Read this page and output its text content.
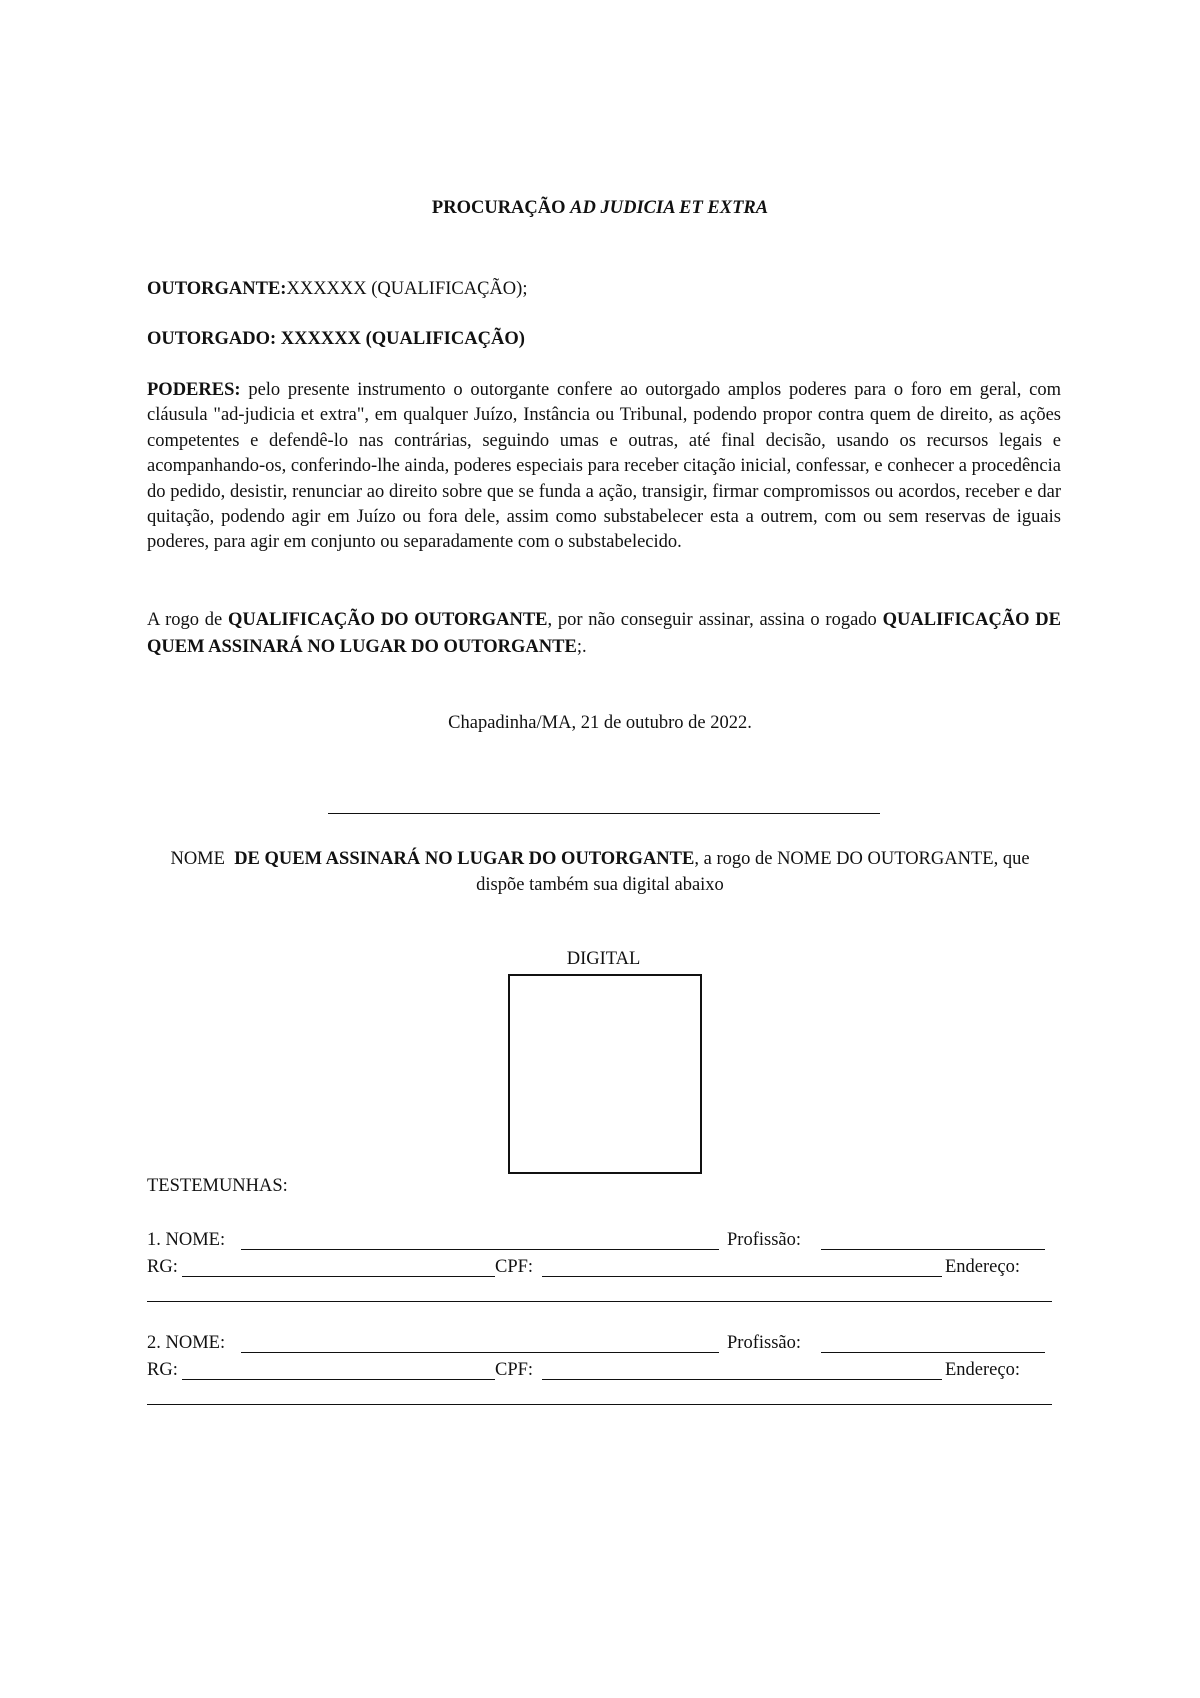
PROCURAÇÃO AD JUDICIA ET EXTRA
OUTORGANTE:XXXXXX (QUALIFICAÇÃO);
OUTORGADO: XXXXXX (QUALIFICAÇÃO)
PODERES: pelo presente instrumento o outorgante confere ao outorgado amplos poderes para o foro em geral, com cláusula "ad-judicia et extra", em qualquer Juízo, Instância ou Tribunal, podendo propor contra quem de direito, as ações competentes e defendê-lo nas contrárias, seguindo umas e outras, até final decisão, usando os recursos legais e acompanhando-os, conferindo-lhe ainda, poderes especiais para receber citação inicial, confessar, e conhecer a procedência do pedido, desistir, renunciar ao direito sobre que se funda a ação, transigir, firmar compromissos ou acordos, receber e dar quitação, podendo agir em Juízo ou fora dele, assim como substabelecer esta a outrem, com ou sem reservas de iguais poderes, para agir em conjunto ou separadamente com o substabelecido.
A rogo de QUALIFICAÇÃO DO OUTORGANTE, por não conseguir assinar, assina o rogado QUALIFICAÇÃO DE QUEM ASSINARÁ NO LUGAR DO OUTORGANTE;.
Chapadinha/MA, 21 de outubro de 2022.
NOME DE QUEM ASSINARÁ NO LUGAR DO OUTORGANTE, a rogo de NOME DO OUTORGANTE, que dispõe também sua digital abaixo
DIGITAL
TESTEMUNHAS:
1. NOME:	Profissão:
RG:	CPF:	Endereço:
2. NOME:	Profissão:
RG:	CPF:	Endereço:
